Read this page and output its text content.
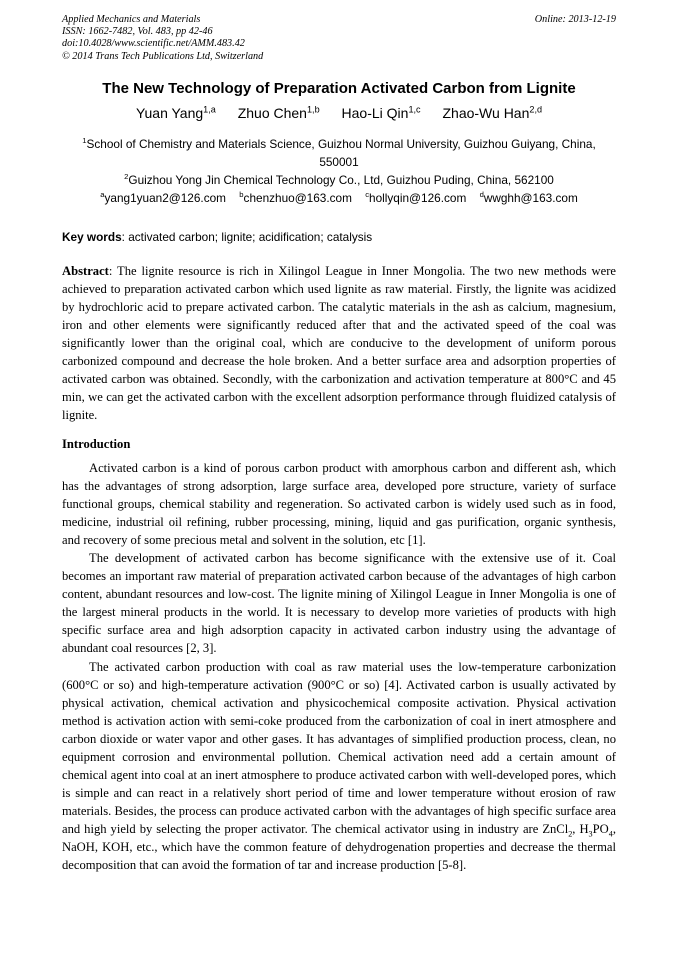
Applied Mechanics and Materials
ISSN: 1662-7482, Vol. 483, pp 42-46
doi:10.4028/www.scientific.net/AMM.483.42
© 2014 Trans Tech Publications Ltd, Switzerland
Online: 2013-12-19
The New Technology of Preparation Activated Carbon from Lignite
Yuan Yang$^{1,a}$ Zhuo Chen$^{1,b}$ Hao-Li Qin$^{1,c}$ Zhao-Wu Han$^{2,d}$
$^1$School of Chemistry and Materials Science, Guizhou Normal University, Guizhou Guiyang, China, 550001
$^2$Guizhou Yong Jin Chemical Technology Co., Ltd, Guizhou Puding, China, 562100
$^a$yang1yuan2@126.com $^b$chenzhuo@163.com $^c$hollyqin@126.com $^d$wwghh@163.com
Key words: activated carbon; lignite; acidification; catalysis
Abstract: The lignite resource is rich in Xilingol League in Inner Mongolia. The two new methods were achieved to preparation activated carbon which used lignite as raw material. Firstly, the lignite was acidized by hydrochloric acid to prepare activated carbon. The catalytic materials in the ash as calcium, magnesium, iron and other elements were significantly reduced after that and the activated speed of the coal was significantly lower than the original coal, which are conducive to the development of uniform porous carbonized compound and decrease the hole broken. And a better surface area and adsorption properties of activated carbon was obtained. Secondly, with the carbonization and activation temperature at 800°C and 45 min, we can get the activated carbon with the excellent adsorption performance through fluidized catalysis of lignite.
Introduction

Activated carbon is a kind of porous carbon product with amorphous carbon and different ash, which has the advantages of strong adsorption, large surface area, developed pore structure, variety of surface functional groups, chemical stability and regeneration. So activated carbon is widely used such as in food, medicine, industrial oil refining, rubber processing, mining, liquid and gas purification, organic synthesis, and recovery of some precious metal and solvent in the solution, etc [1].

The development of activated carbon has become significance with the extensive use of it. Coal becomes an important raw material of preparation activated carbon because of the advantages of high carbon content, abundant resources and low-cost. The lignite mining of Xilingol League in Inner Mongolia is one of the largest mineral products in the world. It is necessary to develop more varieties of products with high specific surface area and high adsorption capacity in activated carbon industry using the advantage of abundant coal resources [2, 3].

The activated carbon production with coal as raw material uses the low-temperature carbonization (600°C or so) and high-temperature activation (900°C or so) [4]. Activated carbon is usually activated by physical activation, chemical activation and physicochemical composite activation. Physical activation method is activation action with semi-coke produced from the carbonization of coal in inert atmosphere and carbon dioxide or water vapor and other gases. It has advantages of simplified production process, clean, no equipment corrosion and environmental pollution. Chemical activation need add a certain amount of chemical agent into coal at an inert atmosphere to produce activated carbon with well-developed pores, which is simple and can react in a relatively short period of time and lower temperature without erosion of raw materials. Besides, the process can produce activated carbon with the advantages of high specific surface area and high yield by selecting the proper activator. The chemical activator using in industry are ZnCl$_2$, $H_3PO_4$, NaOH, KOH, etc., which have the common feature of dehydrogenation properties and decrease the thermal decomposition that can avoid the formation of tar and increase production [5-8].
